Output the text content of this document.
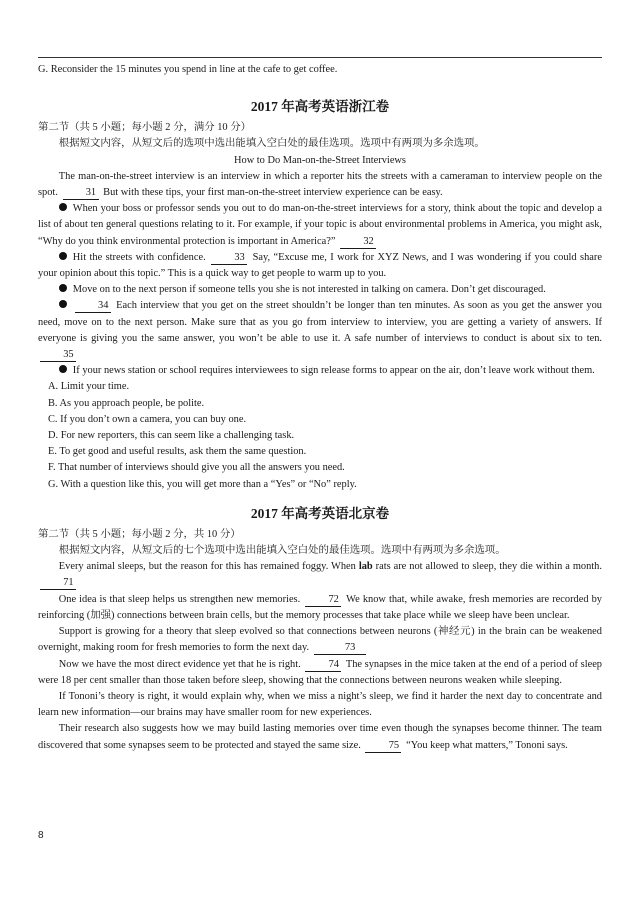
G. Reconsider the 15 minutes you spend in line at the cafe to get coffee.

2017 年高考英语浙江卷

第二节（共 5 小题；每小题 2 分，满分 10 分）

根据短文内容，从短文后的选项中选出能填入空白处的最佳选项。选项中有两项为多余选项。

How to Do Man-on-the-Street Interviews

The man-on-the-street interview is an interview in which a reporter hits the streets with a cameraman to interview people on the spot.	31 But with these tips, your first man-on-the-street interview experience can be easy.

When your boss or professor sends you out to do man-on-the-street interviews for a story, think about the topic and develop a list of about ten general questions relating to it. For example, if your topic is about environmental problems in America, you might ask, “Why do you think environmental protection is important in America?”	32

Hit the streets with confidence.	33 Say, “Excuse me, I work for XYZ News, and I was wondering if you could share your opinion about this topic.” This is a quick way to get people to warm up to you.

Move on to the next person if someone tells you she is not interested in talking on camera. Don’t get discouraged.

34 Each interview that you get on the street shouldn’t be longer than ten minutes. As soon as you get the answer you need, move on to the next person. Make sure that as you go from interview to interview, you are getting a variety of answers. If everyone is giving you the same answer, you won’t be able to use it. A safe number of interviews to conduct is about six to ten. 35

If your news station or school requires interviewees to sign release forms to appear on the air, don’t leave work without them.

A. Limit your time.

B. As you approach people, be polite.

C. If you don’t own a camera, you can buy one.

D. For new reporters, this can seem like a challenging task.

E. To get good and useful results, ask them the same question.

F. That number of interviews should give you all the answers you need.

G. With a question like this, you will get more than a “Yes” or “No” reply.

2017 年高考英语北京卷

第二节（共 5 小题；每小题 2 分，共 10 分）

根据短文内容，从短文后的七个选项中选出能填入空白处的最佳选项。选项中有两项为多余选项。

Every animal sleeps, but the reason for this has remained foggy. When lab rats are not allowed to sleep, they die within a month. 71

One idea is that sleep helps us strengthen new memories.	72 We know that, while awake, fresh memories are recorded by reinforcing (加强) connections between brain cells, but the memory processes that take place while we sleep have been unclear.

Support is growing for a theory that sleep evolved so that connections between neurons (神经元) in the brain can be weakened overnight, making room for fresh memories to form the next day.	73

Now we have the most direct evidence yet that he is right.	74 The synapses in the mice taken at the end of a period of sleep were 18 per cent smaller than those taken before sleep, showing that the connections between neurons weaken while sleeping.

If Tononi’s theory is right, it would explain why, when we miss a night’s sleep, we find it harder the next day to concentrate and learn new information—our brains may have smaller room for new experiences.

Their research also suggests how we may build lasting memories over time even though the synapses become thinner. The team discovered that some synapses seem to be protected and stayed the same size.	75 “You keep what matters,” Tononi says.

8
